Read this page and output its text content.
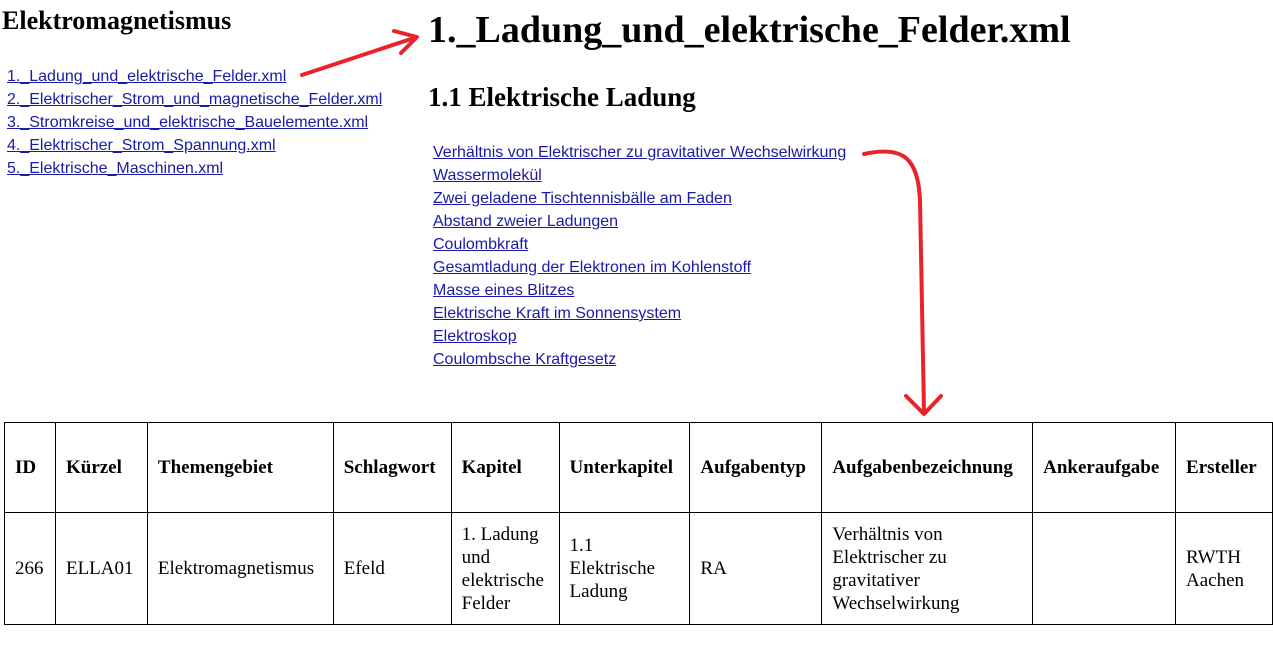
Elektromagnetismus
1._Ladung_und_elektrische_Felder.xml
2._Elektrischer_Strom_und_magnetische_Felder.xml
3._Stromkreise_und_elektrische_Bauelemente.xml
4._Elektrischer_Strom_Spannung.xml
5._Elektrische_Maschinen.xml
1._Ladung_und_elektrische_Felder.xml
1.1 Elektrische Ladung
Verhältnis von Elektrischer zu gravitativer Wechselwirkung
Wassermolekül
Zwei geladene Tischtennisbälle am Faden
Abstand zweier Ladungen
Coulombkraft
Gesamtladung der Elektronen im Kohlenstoff
Masse eines Blitzes
Elektrische Kraft im Sonnensystem
Elektroskop
Coulombsche Kraftgesetz
ID	Kürzel	Themengebiet	Schlagwort	Kapitel	Unterkapitel	Aufgabentyp	Aufgabenbezeichnung	Ankeraufgabe	Ersteller
266	ELLA01	Elektromagnetismus	Efeld	1. Ladung und elektrische Felder	1.1 Elektrische Ladung	RA	Verhältnis von Elektrischer zu gravitativer Wechselwirkung		RWTH Aachen
